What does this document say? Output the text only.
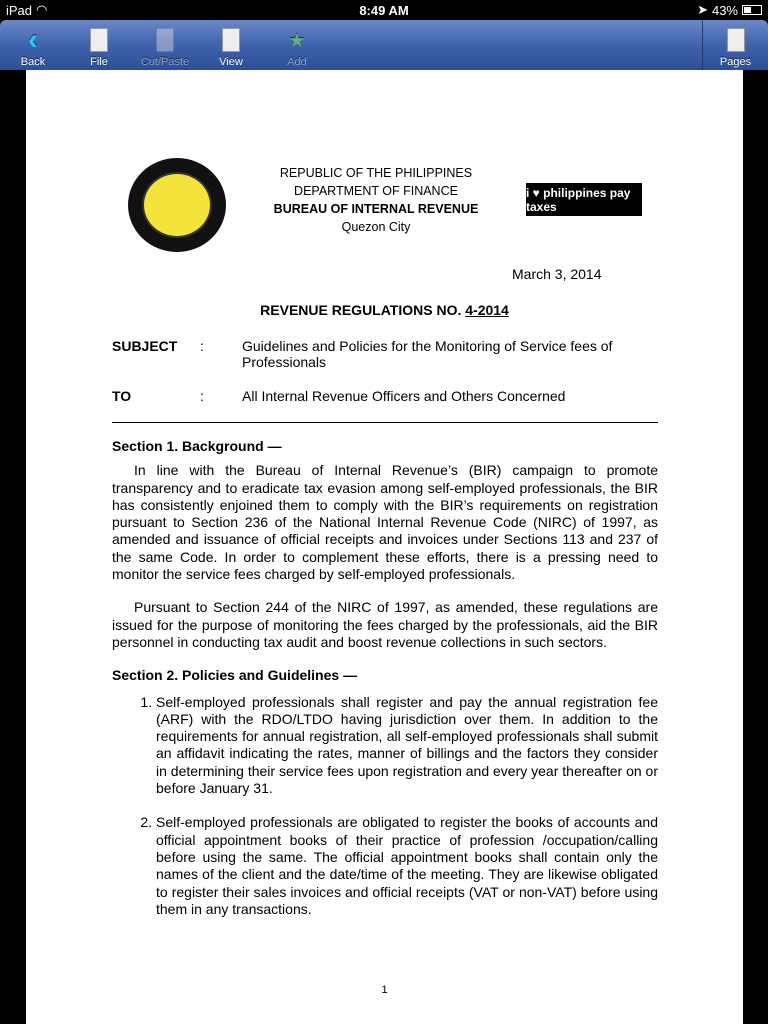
iPad ◠	8:49 AM	➤ 43%
‹
Back	File	Cut/Paste	View
★
Add	Pages
REPUBLIC OF THE PHILIPPINES
DEPARTMENT OF FINANCE
BUREAU OF INTERNAL REVENUE
Quezon City
i ♥ philippines pay taxes
March 3, 2014
REVENUE REGULATIONS NO. 4-2014
SUBJECT	:	Guidelines and Policies for the Monitoring of Service fees of Professionals
TO	:	All Internal Revenue Officers and Others Concerned
Section 1. Background —

In line with the Bureau of Internal Revenue’s (BIR) campaign to promote transparency and to eradicate tax evasion among self-employed professionals, the BIR has consistently enjoined them to comply with the BIR’s requirements on registration pursuant to Section 236 of the National Internal Revenue Code (NIRC) of 1997, as amended and issuance of official receipts and invoices under Sections 113 and 237 of the same Code. In order to complement these efforts, there is a pressing need to monitor the service fees charged by self-employed professionals.

Pursuant to Section 244 of the NIRC of 1997, as amended, these regulations are issued for the purpose of monitoring the fees charged by the professionals, aid the BIR personnel in conducting tax audit and boost revenue collections in such sectors.

Section 2. Policies and Guidelines —
1. Self-employed professionals shall register and pay the annual registration fee (ARF) with the RDO/LTDO having jurisdiction over them. In addition to the requirements for annual registration, all self-employed professionals shall submit an affidavit indicating the rates, manner of billings and the factors they consider in determining their service fees upon registration and every year thereafter on or before January 31.
2. Self-employed professionals are obligated to register the books of accounts and official appointment books of their practice of profession /occupation/calling before using the same. The official appointment books shall contain only the names of the client and the date/time of the meeting. They are likewise obligated to register their sales invoices and official receipts (VAT or non-VAT) before using them in any transactions.
1
